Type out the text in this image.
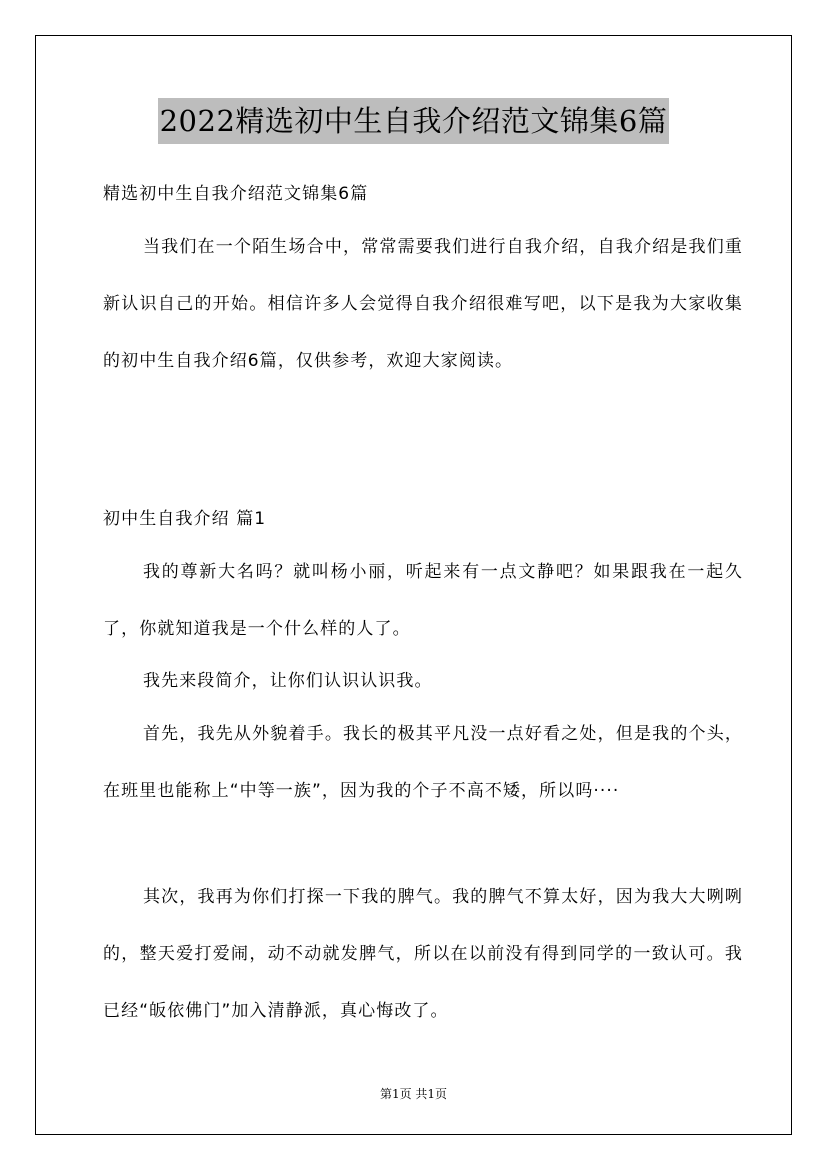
2022精选初中生自我介绍范文锦集6篇
精选初中生自我介绍范文锦集6篇
当我们在一个陌生场合中，常常需要我们进行自我介绍，自我介绍是我们重新认识自己的开始。相信许多人会觉得自我介绍很难写吧，以下是我为大家收集的初中生自我介绍6篇，仅供参考，欢迎大家阅读。
初中生自我介绍 篇1
我的尊新大名吗？就叫杨小丽，听起来有一点文静吧？如果跟我在一起久了，你就知道我是一个什么样的人了。
我先来段简介，让你们认识认识我。
首先，我先从外貌着手。我长的极其平凡没一点好看之处，但是我的个头，在班里也能称上“中等一族”，因为我的个子不高不矮，所以吗····
其次，我再为你们打探一下我的脾气。我的脾气不算太好，因为我大大咧咧的，整天爱打爱闹，动不动就发脾气，所以在以前没有得到同学的一致认可。我已经“皈依佛门”加入清静派，真心悔改了。
第1页 共1页
